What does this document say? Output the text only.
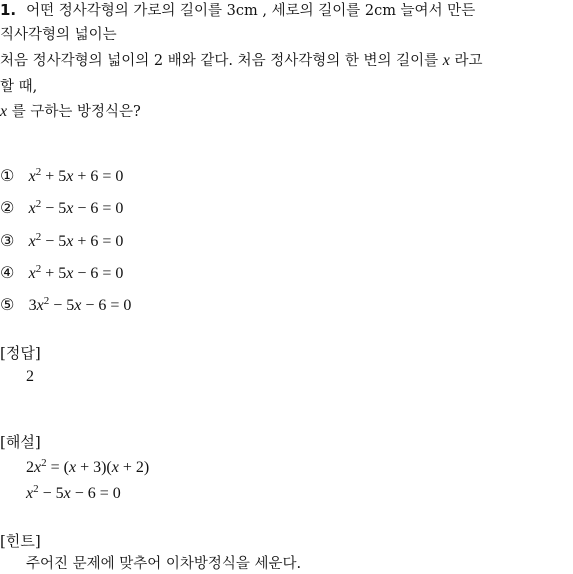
1. 어떤 정사각형의 가로의 길이를 3cm , 세로의 길이를 2cm 늘여서 만든
직사각형의 넓이는
처음 정사각형의 넓이의 2 배와 같다. 처음 정사각형의 한 변의 길이를 x 라고
할 때,
x 를 구하는 방정식은?
① $x^2 + 5x + 6 = 0$
② $x^2 - 5x - 6 = 0$
③ $x^2 - 5x + 6 = 0$
④ $x^2 + 5x - 6 = 0$
⑤ $3x^2 - 5x - 6 = 0$
[정답]
2
[해설]
$2x^2 = (x + 3)(x + 2)$
$x^2 - 5x - 6 = 0$
[힌트]
주어진 문제에 맞추어 이차방정식을 세운다.
